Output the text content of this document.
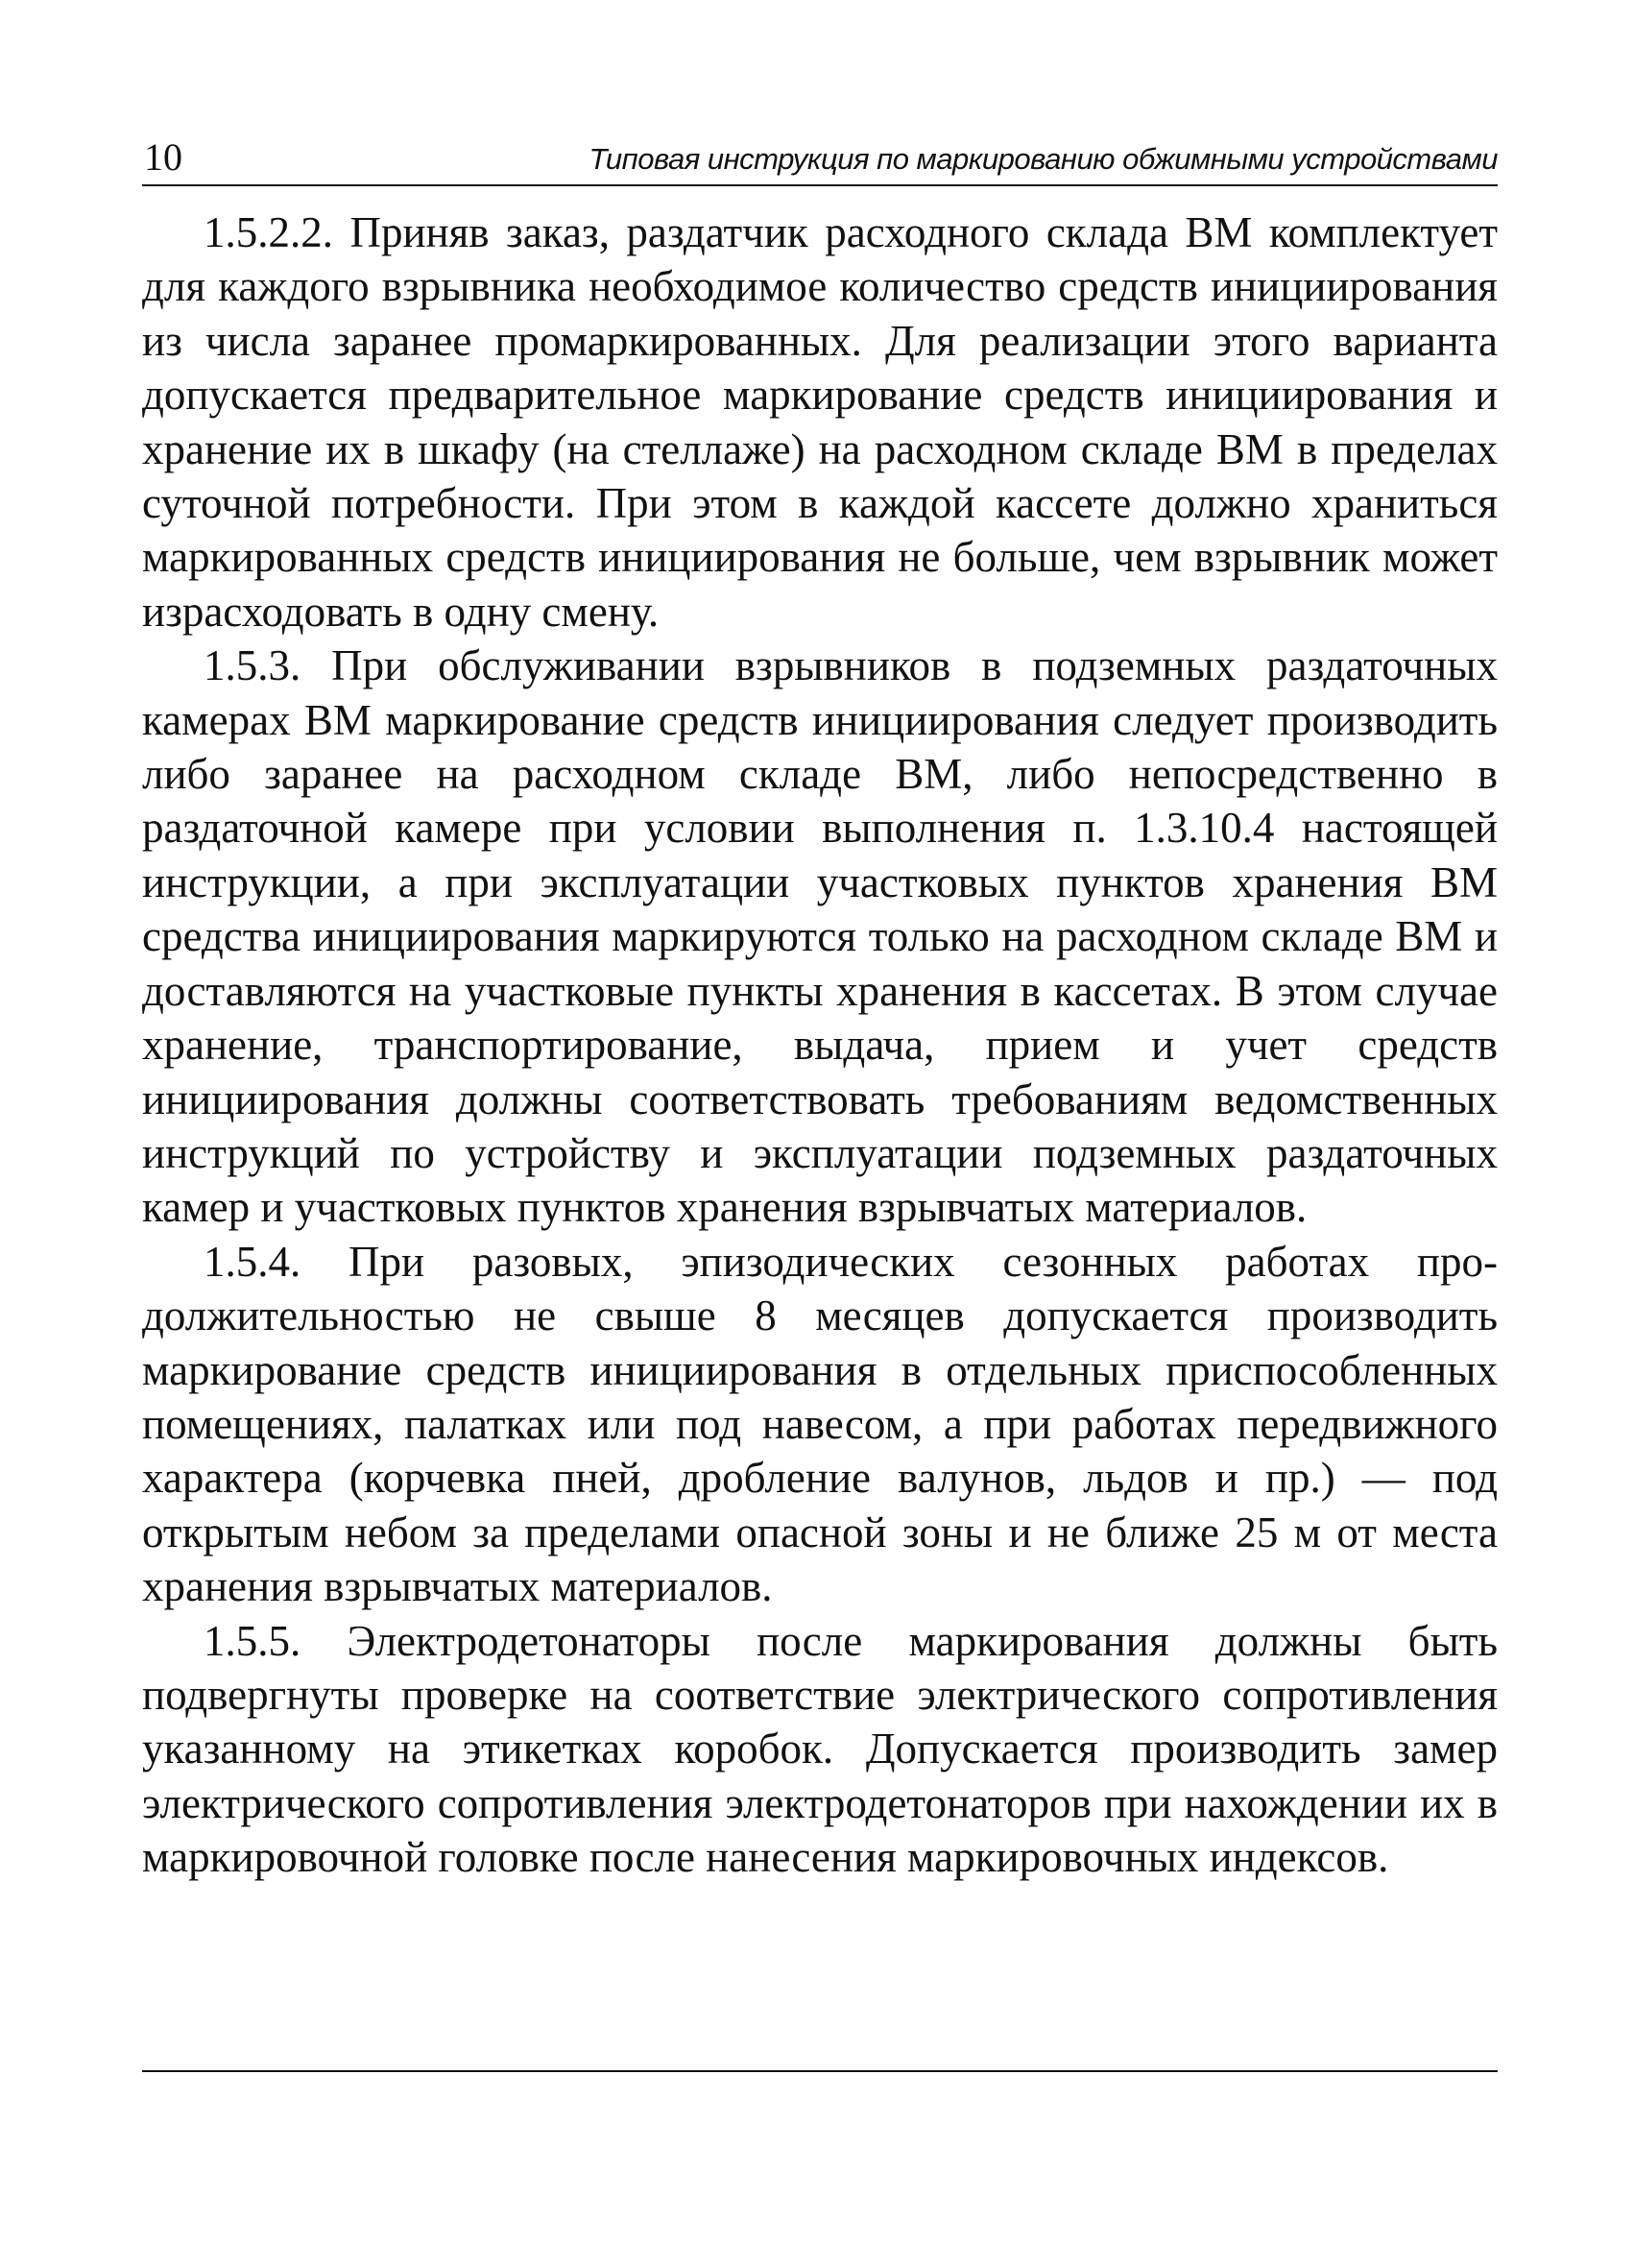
10	Типовая инструкция по маркированию обжимными устройствами

1.5.2.2. Приняв заказ, раздатчик расходного склада ВМ комплектует для каждого взрывника необходимое количество средств инициирования из числа заранее промаркированных. Для реализации этого варианта допускается предварительное маркирование средств инициирования и хранение их в шкафу (на стеллаже) на расходном складе ВМ в пределах суточной потребности. При этом в каждой кассете должно храниться маркированных средств инициирования не больше, чем взрывник может израсходовать в одну смену.

1.5.3. При обслуживании взрывников в подземных раздаточных камерах ВМ маркирование средств инициирования следует производить либо заранее на расходном складе ВМ, либо непосредственно в раздаточной камере при условии выполнения п. 1.3.10.4 настоящей инструкции, а при эксплуатации участковых пунктов хранения ВМ средства инициирования маркируются только на расходном складе ВМ и доставляются на участковые пункты хранения в кассетах. В этом случае хранение, транспортирование, выдача, прием и учет средств инициирования должны соответствовать требованиям ведомственных инструкций по устройству и эксплуатации подземных раздаточных камер и участковых пунктов хранения взрывчатых материалов.

1.5.4. При разовых, эпизодических сезонных работах продолжительностью не свыше 8 месяцев допускается производить маркирование средств инициирования в отдельных приспособленных помещениях, палатках или под навесом, а при работах передвижного характера (корчевка пней, дробление валунов, льдов и пр.) — под открытым небом за пределами опасной зоны и не ближе 25 м от места хранения взрывчатых материалов.

1.5.5. Электродетонаторы после маркирования должны быть подвергнуты проверке на соответствие электрического сопротивления указанному на этикетках коробок. Допускается производить замер электрического сопротивления электродетонаторов при нахождении их в маркировочной головке после нанесения маркировочных индексов.
